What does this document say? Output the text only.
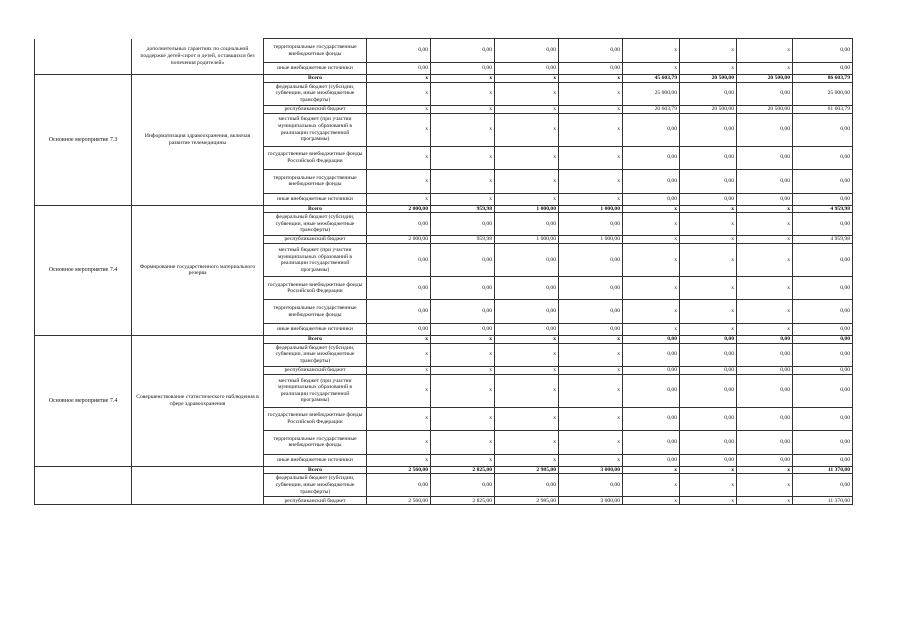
	дополнительных гарантиях по социальной поддержке детей-сирот и детей, оставшихся без попечения родителей»	территориальные государственные внебюджетные фонды	0,00	0,00	0,00	0,00	x	x	x	0,00
		иные внебюджетные источники	0,00	0,00	0,00	0,00	x	x	x	0,00
Основное мероприятие 7.3	Информатизация здравоохранения, включая развитие телемедицины	Всего	x	x	x	x	45 603,79	20 500,00	20 500,00	86 603,79
		федеральный бюджет (субсидии, субвенции, иные межбюджетные трансферты)	x	x	x	x	25 000,00	0,00	0,00	25 000,00
		республиканский бюджет	x	x	x	x	20 603,79	20 500,00	20 500,00	61 603,79
		местный бюджет (при участии муниципальных образований в реализации государственной программы)	x	x	x	x	0,00	0,00	0,00	0,00
		государственные внебюджетные фонды Российской Федерации	x	x	x	x	0,00	0,00	0,00	0,00
		территориальные государственные внебюджетные фонды	x	x	x	x	0,00	0,00	0,00	0,00
		иные внебюджетные источники	x	x	x	x	0,00	0,00	0,00	0,00
Основное мероприятие 7.4	Формирование государственного материального резерва	Всего	2 000,00	959,98	1 000,00	1 000,00	x	x	x	4 959,98
		федеральный бюджет (субсидии, субвенции, иные межбюджетные трансферты)	0,00	0,00	0,00	0,00	x	x	x	0,00
		республиканский бюджет	2 000,00	959,98	1 000,00	1 000,00	x	x	x	4 959,98
		местный бюджет (при участии муниципальных образований в реализации государственной программы)	0,00	0,00	0,00	0,00	x	x	x	0,00
		государственные внебюджетные фонды Российской Федерации	0,00	0,00	0,00	0,00	x	x	x	0,00
		территориальные государственные внебюджетные фонды	0,00	0,00	0,00	0,00	x	x	x	0,00
		иные внебюджетные источники	0,00	0,00	0,00	0,00	x	x	x	0,00
Основное мероприятие 7.4	Совершенствование статистического наблюдения в сфере здравоохранения	Всего	x	x	x	x	0,00	0,00	0,00	0,00
		федеральный бюджет (субсидии, субвенции, иные межбюджетные трансферты)	x	x	x	x	0,00	0,00	0,00	0,00
		республиканский бюджет	x	x	x	x	0,00	0,00	0,00	0,00
		местный бюджет (при участии муниципальных образований в реализации государственной программы)	x	x	x	x	0,00	0,00	0,00	0,00
		государственные внебюджетные фонды Российской Федерации	x	x	x	x	0,00	0,00	0,00	0,00
		территориальные государственные внебюджетные фонды	x	x	x	x	0,00	0,00	0,00	0,00
		иные внебюджетные источники	x	x	x	x	0,00	0,00	0,00	0,00
		Всего	2 560,00	2 825,00	2 985,00	3 000,00	x	x	x	11 370,00
		федеральный бюджет (субсидии, субвенции, иные межбюджетные трансферты)	0,00	0,00	0,00	0,00	x	x	x	0,00
		республиканский бюджет	2 560,00	2 825,00	2 985,00	3 000,00	x	x	x	11 370,00
